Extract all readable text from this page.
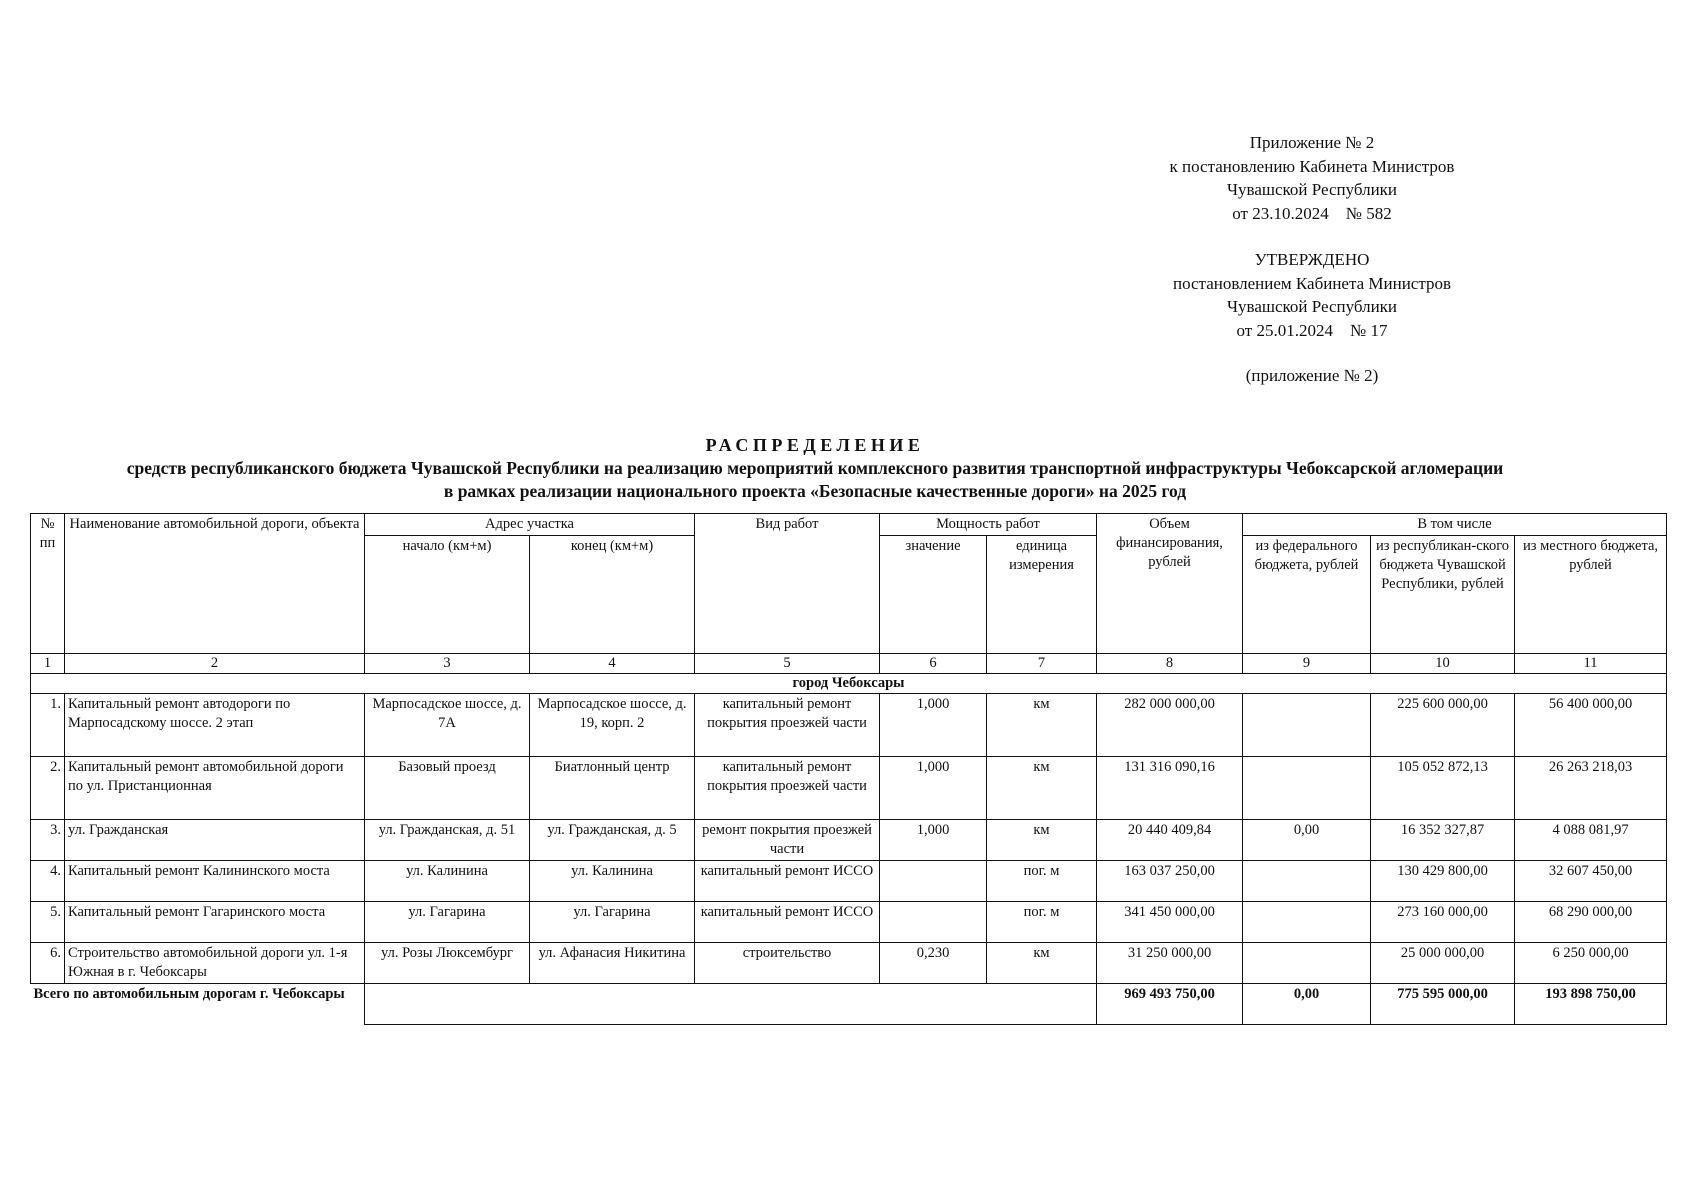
Приложение № 2
к постановлению Кабинета Министров
Чувашской Республики
от 23.10.2024    № 582
УТВЕРЖДЕНО
постановлением Кабинета Министров
Чувашской Республики
от 25.01.2024    № 17
(приложение № 2)
РАСПРЕДЕЛЕНИЕ
средств республиканского бюджета Чувашской Республики на реализацию мероприятий комплексного развития транспортной инфраструктуры Чебоксарской агломерации
в рамках реализации национального проекта «Безопасные качественные дороги» на 2025 год
№ пп	Наименование автомобильной дороги, объекта	Адрес участка		Вид работ	Мощность работ		Объем финансирования, рублей	В том числе		
		начало (км+м)	конец (км+м)		значение	единица измерения		из федерального бюджета, рублей	из республикан-ского бюджета Чувашской Республики, рублей	из местного бюджета, рублей
1	2	3	4	5	6	7	8	9	10	11
город Чебоксары										
1.	Капитальный ремонт автодороги по Марпосадскому шоссе. 2 этап	Марпосадское шоссе, д. 7А	Марпосадское шоссе, д. 19, корп. 2	капитальный ремонт покрытия проезжей части	1,000	км	282 000 000,00		225 600 000,00	56 400 000,00
2.	Капитальный ремонт автомобильной дороги по ул. Пристанционная	Базовый проезд	Биатлонный центр	капитальный ремонт покрытия проезжей части	1,000	км	131 316 090,16		105 052 872,13	26 263 218,03
3.	ул. Гражданская	ул. Гражданская, д. 51	ул. Гражданская, д. 5	ремонт покрытия проезжей части	1,000	км	20 440 409,84	0,00	16 352 327,87	4 088 081,97
4.	Капитальный ремонт Калининского моста	ул. Калинина	ул. Калинина	капитальный ремонт ИССО		пог. м	163 037 250,00		130 429 800,00	32 607 450,00
5.	Капитальный ремонт Гагаринского моста	ул. Гагарина	ул. Гагарина	капитальный ремонт ИССО		пог. м	341 450 000,00		273 160 000,00	68 290 000,00
6.	Строительство автомобильной дороги ул. 1-я Южная в г. Чебоксары	ул. Розы Люксембург	ул. Афанасия Никитина	строительство	0,230	км	31 250 000,00		25 000 000,00	6 250 000,00
Всего по автомобильным дорогам г. Чебоксары							969 493 750,00	0,00	775 595 000,00	193 898 750,00
